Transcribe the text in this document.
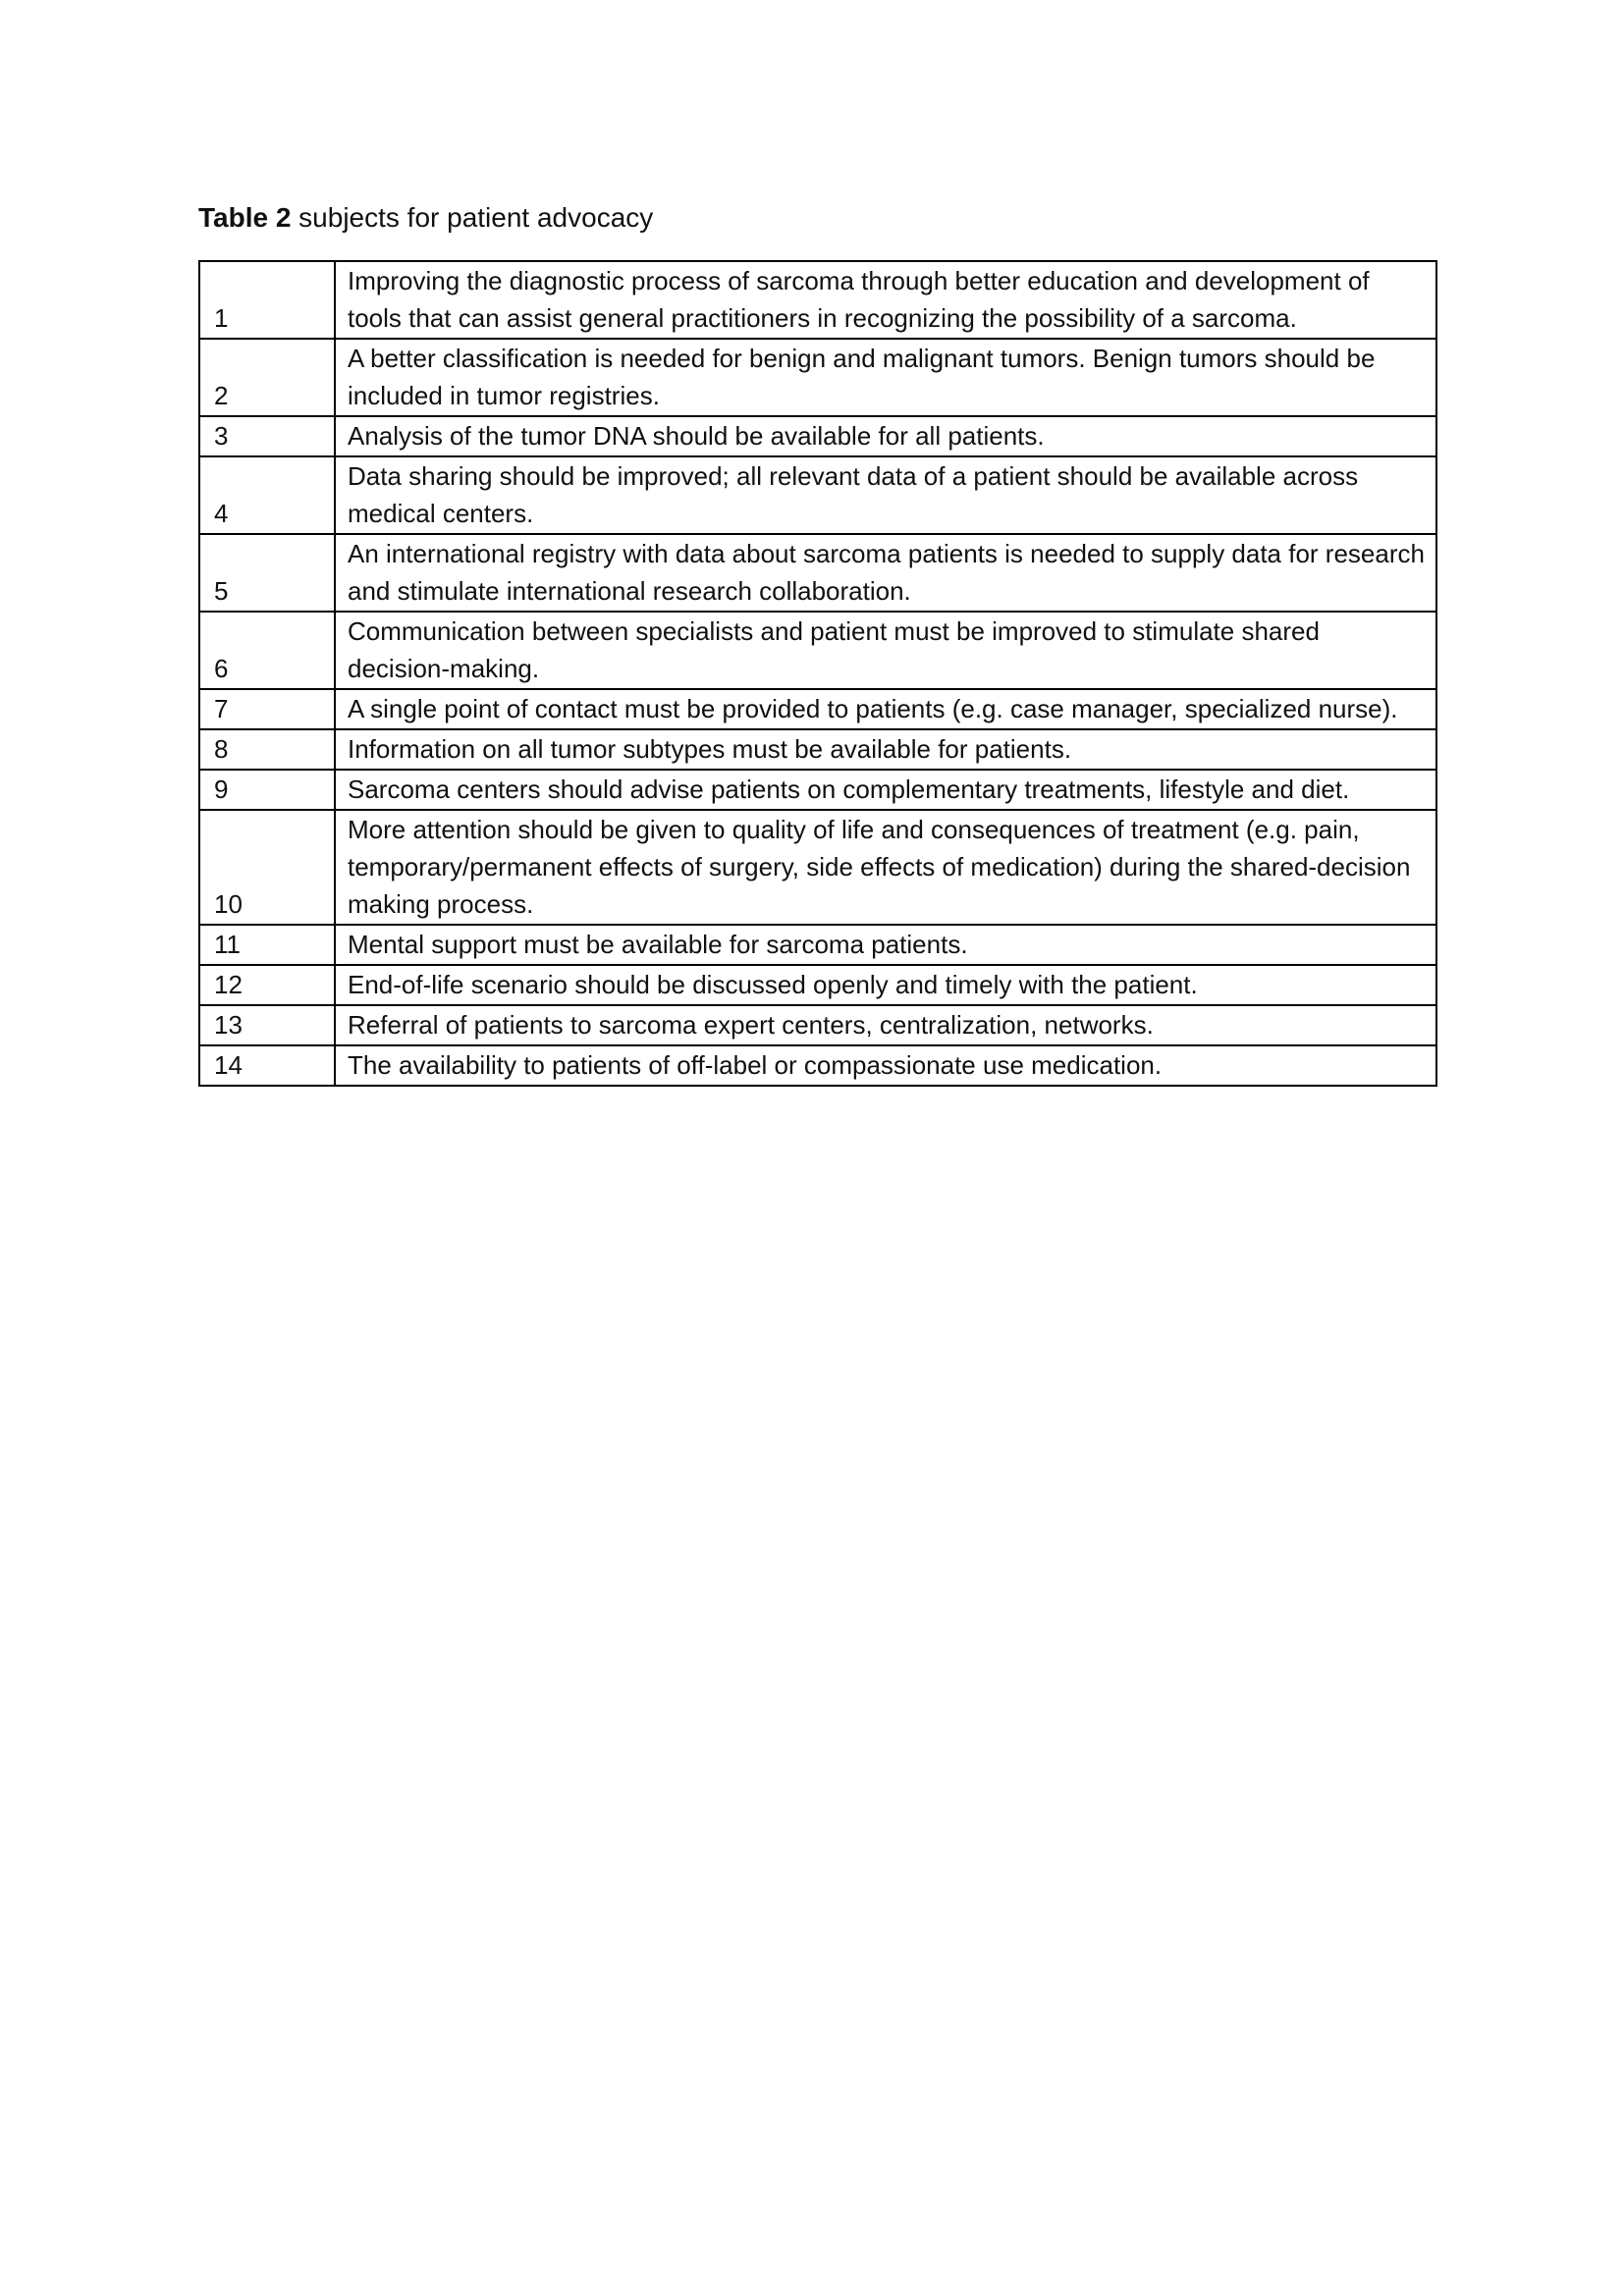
Table 2 subjects for patient advocacy
1	Improving the diagnostic process of sarcoma through better education and development of tools that can assist general practitioners in recognizing the possibility of a sarcoma.
2	A better classification is needed for benign and malignant tumors. Benign tumors should be included in tumor registries.
3	Analysis of the tumor DNA should be available for all patients.
4	Data sharing should be improved; all relevant data of a patient should be available across medical centers.
5	An international registry with data about sarcoma patients is needed to supply data for research and stimulate international research collaboration.
6	Communication between specialists and patient must be improved to stimulate shared decision-making.
7	A single point of contact must be provided to patients (e.g. case manager, specialized nurse).
8	Information on all tumor subtypes must be available for patients.
9	Sarcoma centers should advise patients on complementary treatments, lifestyle and diet.
10	More attention should be given to quality of life and consequences of treatment (e.g. pain, temporary/permanent effects of surgery, side effects of medication) during the shared-decision making process.
11	Mental support must be available for sarcoma patients.
12	End-of-life scenario should be discussed openly and timely with the patient.
13	Referral of patients to sarcoma expert centers, centralization, networks.
14	The availability to patients of off-label or compassionate use medication.
